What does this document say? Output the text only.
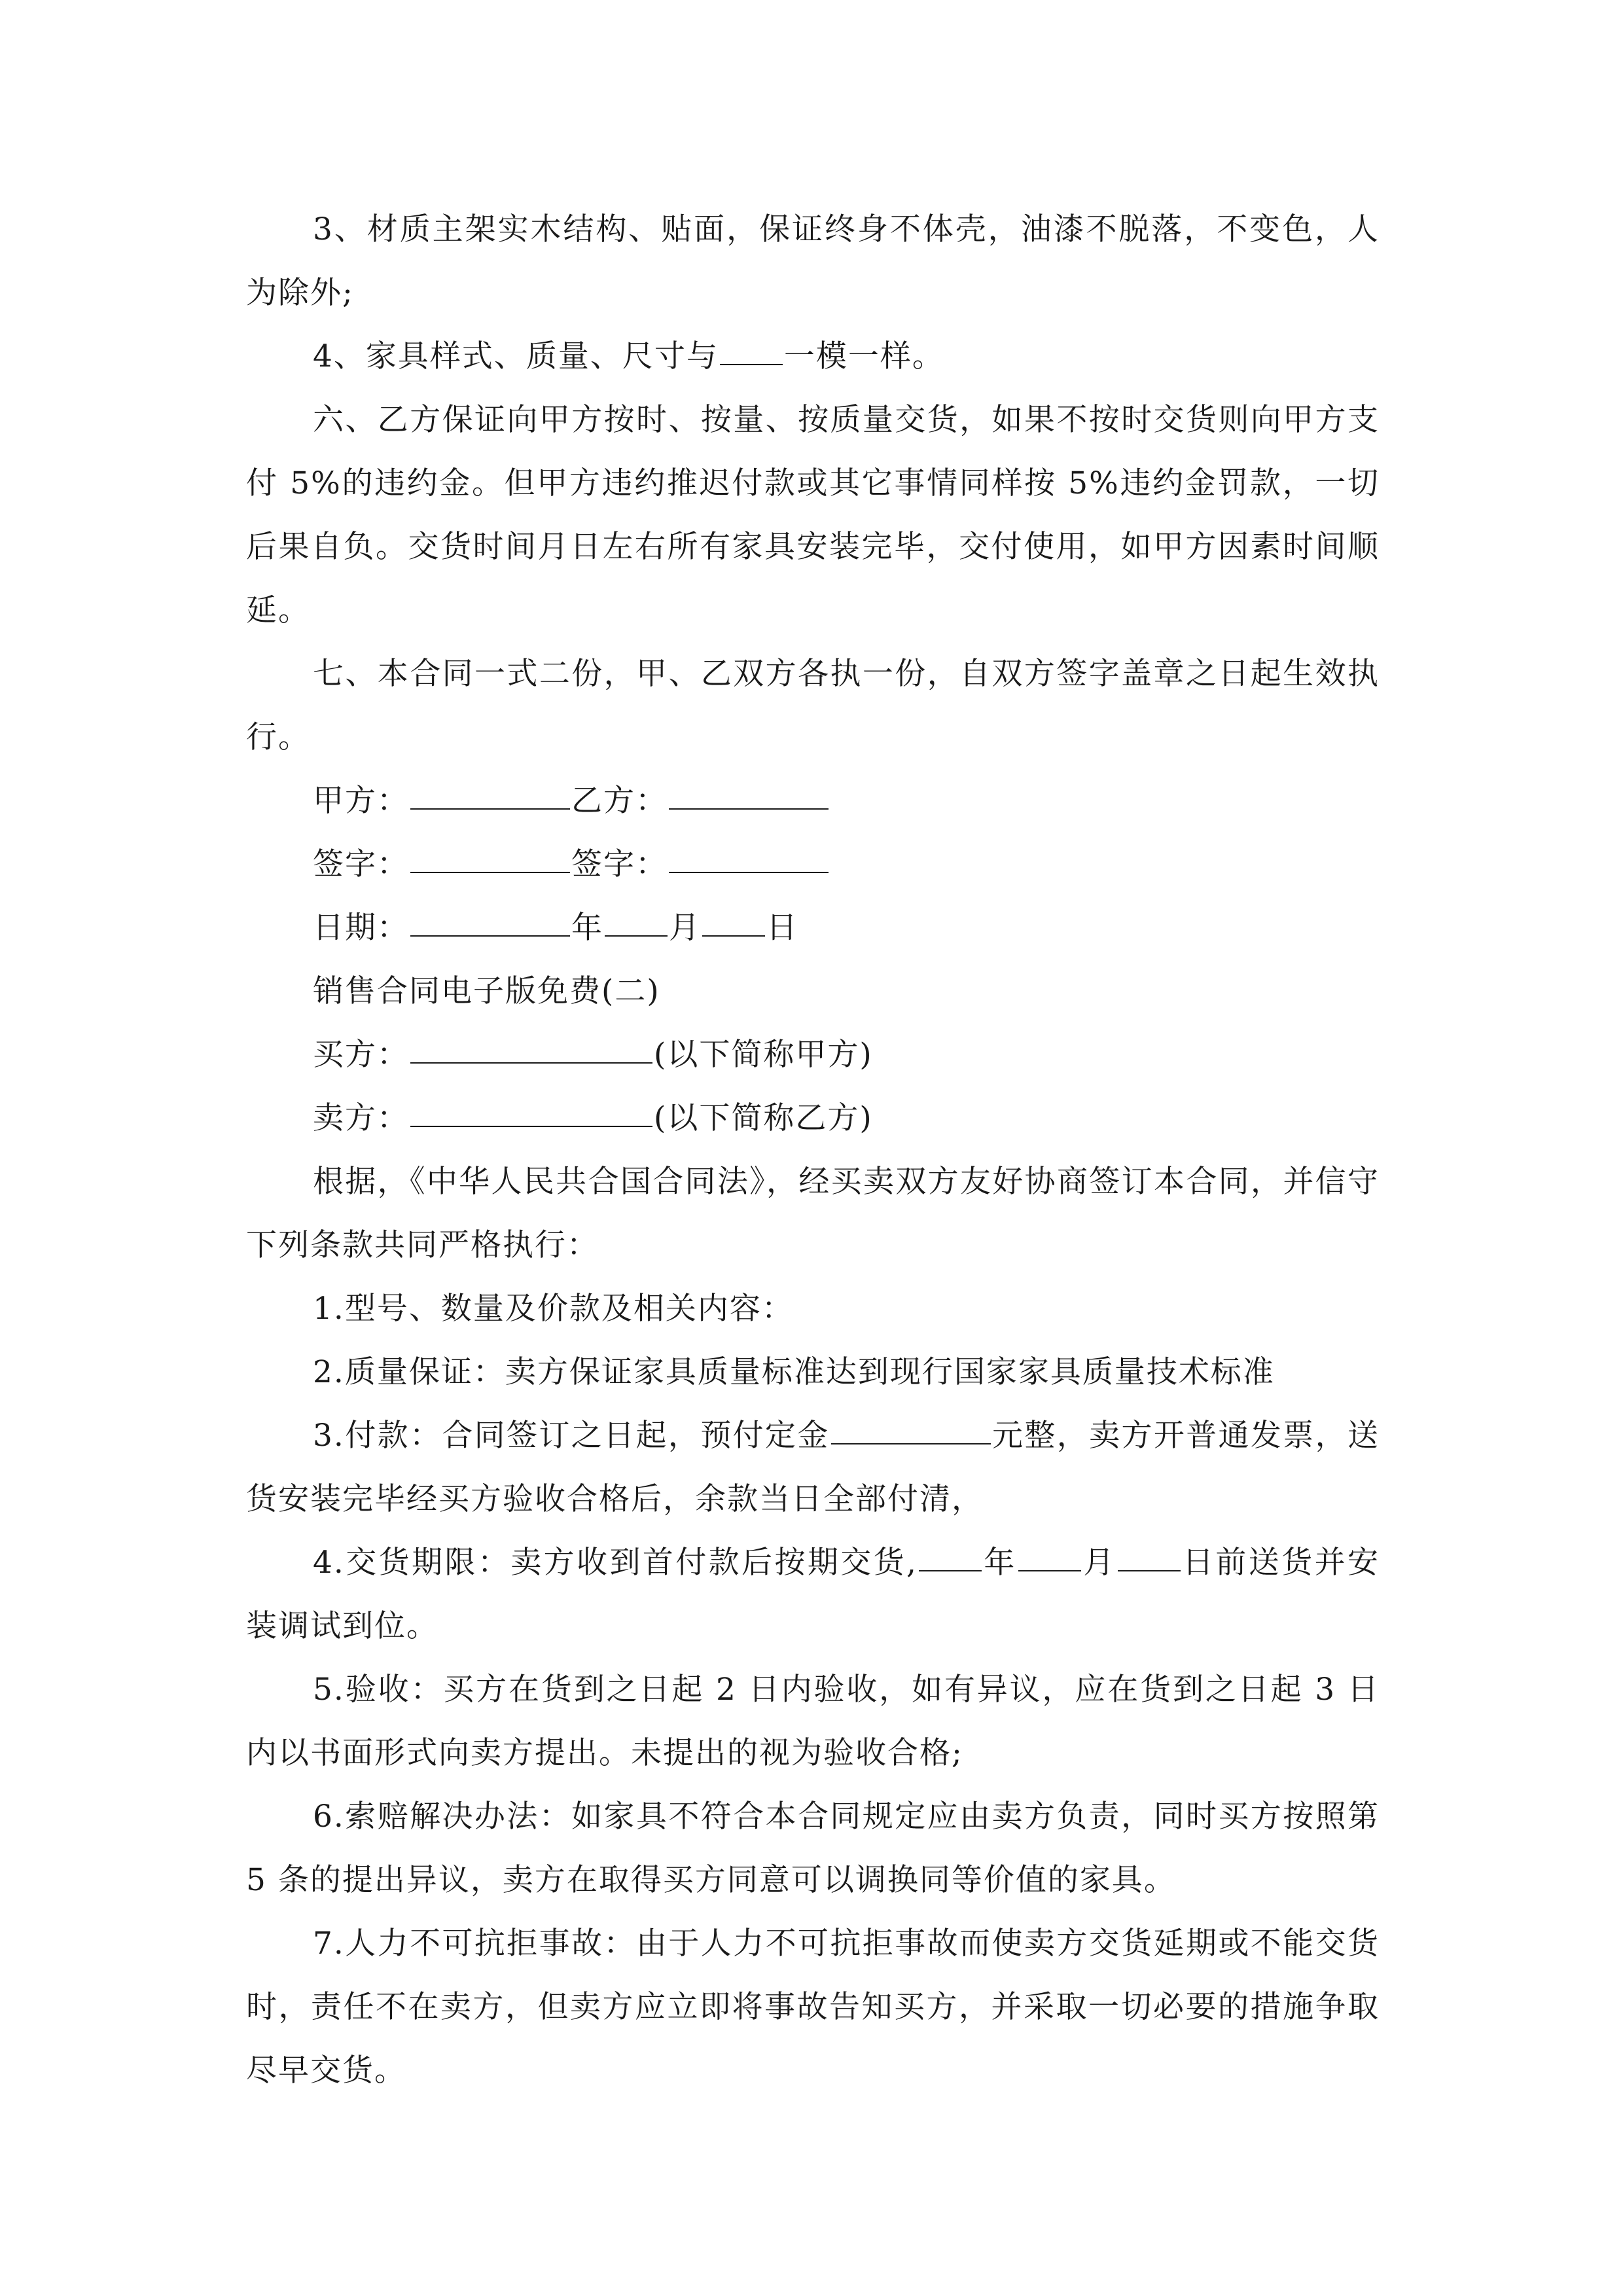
3、材质主架实木结构、贴面，保证终身不体壳，油漆不脱落，不变色，人为除外;

4、家具样式、质量、尺寸与 一模一样。

六、乙方保证向甲方按时、按量、按质量交货，如果不按时交货则向甲方支付 5%的违约金。但甲方违约推迟付款或其它事情同样按 5%违约金罚款，一切后果自负。交货时间月日左右所有家具安装完毕，交付使用，如甲方因素时间顺延。

七、本合同一式二份，甲、乙双方各执一份，自双方签字盖章之日起生效执行。

甲方：	乙方：

签字：	签字：

日期：	年 月 日

销售合同电子版免费(二)

买方：	(以下简称甲方)

卖方：	(以下简称乙方)

根据，《中华人民共合国合同法》，经买卖双方友好协商签订本合同，并信守下列条款共同严格执行：

1.型号、数量及价款及相关内容：

2.质量保证：卖方保证家具质量标准达到现行国家家具质量技术标准

3.付款：合同签订之日起，预付定金	元整，卖方开普通发票，送货安装完毕经买方验收合格后，余款当日全部付清，

4.交货期限：卖方收到首付款后按期交货, 年 月 日前送货并安装调试到位。

5.验收：买方在货到之日起 2 日内验收，如有异议，应在货到之日起 3 日内以书面形式向卖方提出。未提出的视为验收合格;

6.索赔解决办法：如家具不符合本合同规定应由卖方负责，同时买方按照第 5 条的提出异议，卖方在取得买方同意可以调换同等价值的家具。

7.人力不可抗拒事故：由于人力不可抗拒事故而使卖方交货延期或不能交货时，责任不在卖方，但卖方应立即将事故告知买方，并采取一切必要的措施争取尽早交货。
